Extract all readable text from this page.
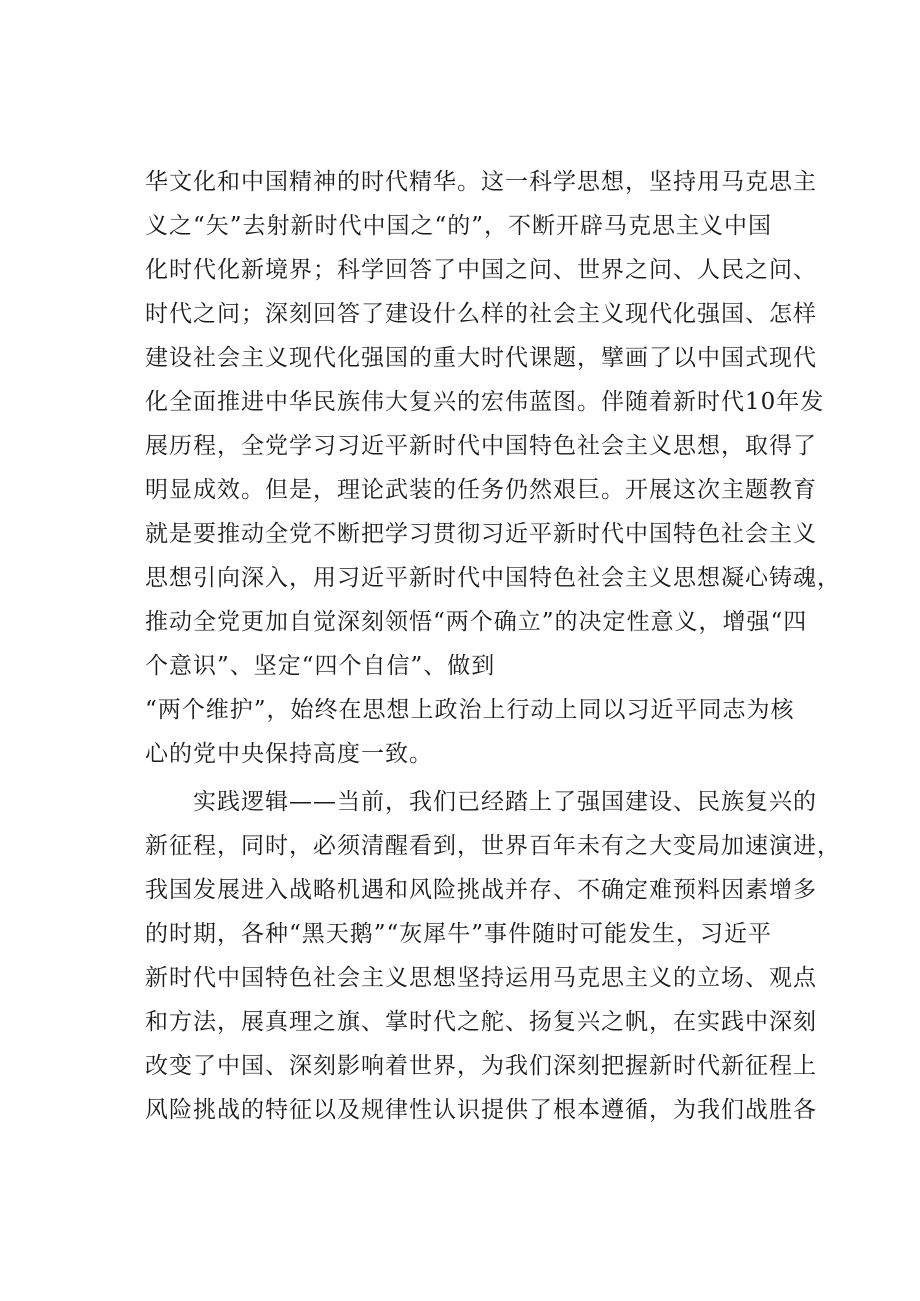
华文化和中国精神的时代精华。这一科学思想，坚持用马克思主
义之“矢”去射新时代中国之“的”，不断开辟马克思主义中国
化时代化新境界；科学回答了中国之问、世界之问、人民之问、
时代之问；深刻回答了建设什么样的社会主义现代化强国、怎样
建设社会主义现代化强国的重大时代课题，擘画了以中国式现代
化全面推进中华民族伟大复兴的宏伟蓝图。伴随着新时代10年发
展历程，全党学习习近平新时代中国特色社会主义思想，取得了
明显成效。但是，理论武装的任务仍然艰巨。开展这次主题教育
就是要推动全党不断把学习贯彻习近平新时代中国特色社会主义
思想引向深入，用习近平新时代中国特色社会主义思想凝心铸魂，
推动全党更加自觉深刻领悟“两个确立”的决定性意义，增强“四
个意识”、坚定“四个自信”、做到
“两个维护”，始终在思想上政治上行动上同以习近平同志为核
心的党中央保持高度一致。
　　实践逻辑——当前，我们已经踏上了强国建设、民族复兴的
新征程，同时，必须清醒看到，世界百年未有之大变局加速演进，
我国发展进入战略机遇和风险挑战并存、不确定难预料因素增多
的时期，各种“黑天鹅”“灰犀牛”事件随时可能发生，习近平
新时代中国特色社会主义思想坚持运用马克思主义的立场、观点
和方法，展真理之旗、掌时代之舵、扬复兴之帆，在实践中深刻
改变了中国、深刻影响着世界，为我们深刻把握新时代新征程上
风险挑战的特征以及规律性认识提供了根本遵循，为我们战胜各
